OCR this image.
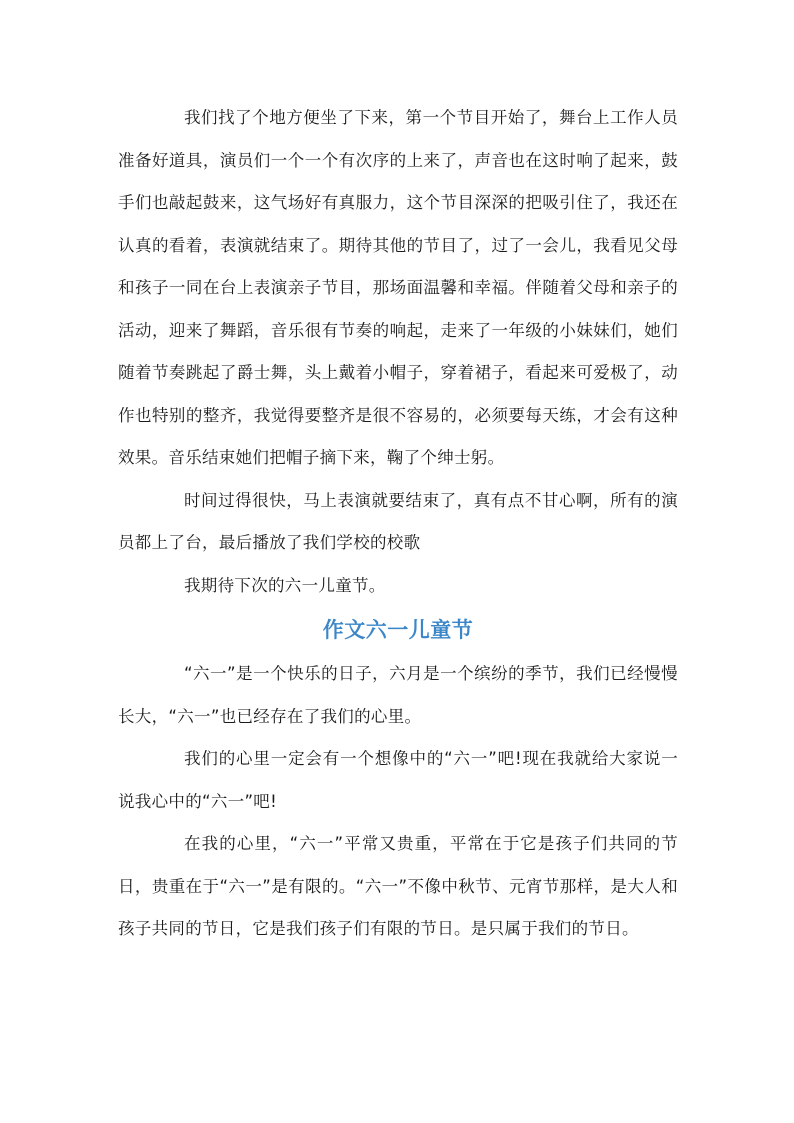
我们找了个地方便坐了下来，第一个节目开始了，舞台上工作人员准备好道具，演员们一个一个有次序的上来了，声音也在这时响了起来，鼓手们也敲起鼓来，这气场好有真服力，这个节目深深的把吸引住了，我还在认真的看着，表演就结束了。期待其他的节目了，过了一会儿，我看见父母和孩子一同在台上表演亲子节目，那场面温馨和幸福。伴随着父母和亲子的活动，迎来了舞蹈，音乐很有节奏的响起，走来了一年级的小妹妹们，她们随着节奏跳起了爵士舞，头上戴着小帽子，穿着裙子，看起来可爱极了，动作也特别的整齐，我觉得要整齐是很不容易的，必须要每天练，才会有这种效果。音乐结束她们把帽子摘下来，鞠了个绅士躬。

时间过得很快，马上表演就要结束了，真有点不甘心啊，所有的演员都上了台，最后播放了我们学校的校歌

我期待下次的六一儿童节。

作文六一儿童节

“六一”是一个快乐的日子，六月是一个缤纷的季节，我们已经慢慢长大，“六一”也已经存在了我们的心里。

我们的心里一定会有一个想像中的“六一”吧!现在我就给大家说一说我心中的“六一”吧!

在我的心里，“六一”平常又贵重，平常在于它是孩子们共同的节日，贵重在于“六一”是有限的。“六一”不像中秋节、元宵节那样，是大人和孩子共同的节日，它是我们孩子们有限的节日。是只属于我们的节日。
